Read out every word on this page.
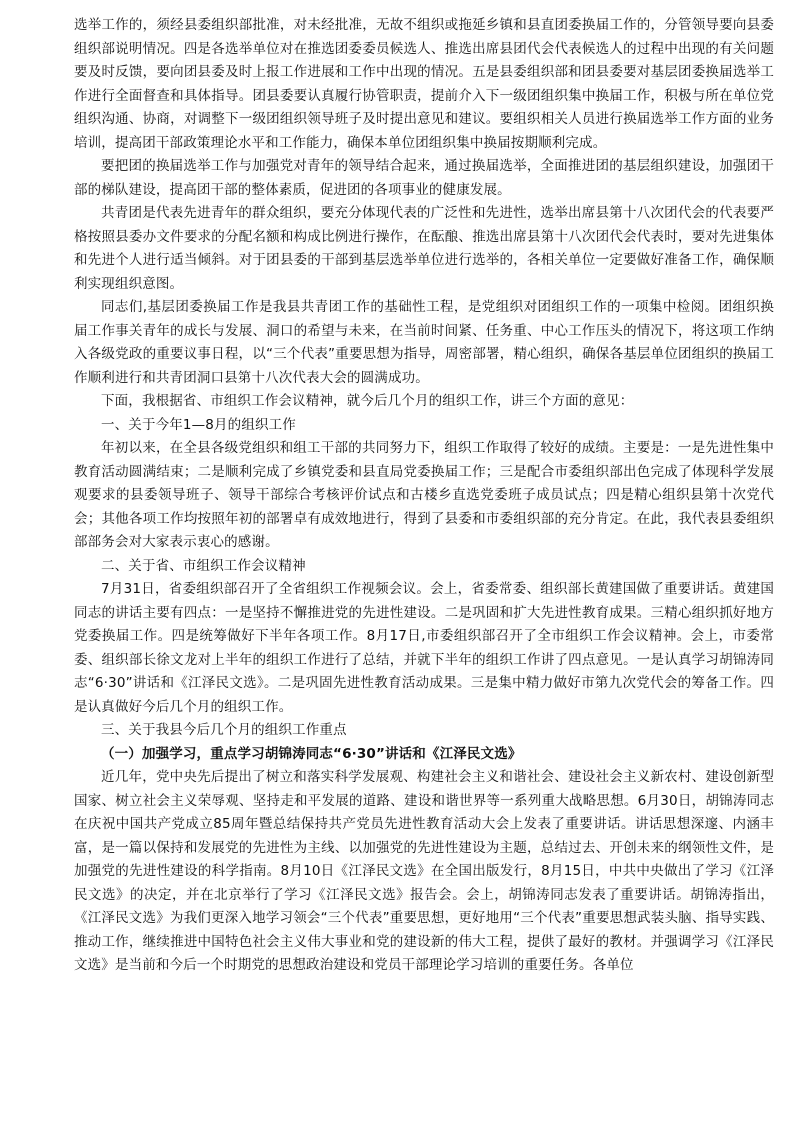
选举工作的，须经县委组织部批准，对未经批准，无故不组织或拖延乡镇和县直团委换届工作的，分管领导要向县委组织部说明情况。四是各选举单位对在推选团委委员候选人、推选出席县团代会代表候选人的过程中出现的有关问题要及时反馈，要向团县委及时上报工作进展和工作中出现的情况。五是县委组织部和团县委要对基层团委换届选举工作进行全面督查和具体指导。团县委要认真履行协管职责，提前介入下一级团组织集中换届工作，积极与所在单位党组织沟通、协商，对调整下一级团组织领导班子及时提出意见和建议。要组织相关人员进行换届选举工作方面的业务培训，提高团干部政策理论水平和工作能力，确保本单位团组织集中换届按期顺利完成。

要把团的换届选举工作与加强党对青年的领导结合起来，通过换届选举，全面推进团的基层组织建设，加强团干部的梯队建设，提高团干部的整体素质，促进团的各项事业的健康发展。

共青团是代表先进青年的群众组织，要充分体现代表的广泛性和先进性，选举出席县第十八次团代会的代表要严格按照县委办文件要求的分配名额和构成比例进行操作，在酝酿、推选出席县第十八次团代会代表时，要对先进集体和先进个人进行适当倾斜。对于团县委的干部到基层选举单位进行选举的，各相关单位一定要做好准备工作，确保顺利实现组织意图。

同志们,基层团委换届工作是我县共青团工作的基础性工程，是党组织对团组织工作的一项集中检阅。团组织换届工作事关青年的成长与发展、洞口的希望与未来，在当前时间紧、任务重、中心工作压头的情况下，将这项工作纳入各级党政的重要议事日程，以“三个代表”重要思想为指导，周密部署，精心组织，确保各基层单位团组织的换届工作顺利进行和共青团洞口县第十八次代表大会的圆满成功。

下面，我根据省、市组织工作会议精神，就今后几个月的组织工作，讲三个方面的意见：

一、关于今年1—8月的组织工作

年初以来，在全县各级党组织和组工干部的共同努力下，组织工作取得了较好的成绩。主要是：一是先进性集中教育活动圆满结束；二是顺利完成了乡镇党委和县直局党委换届工作；三是配合市委组织部出色完成了体现科学发展观要求的县委领导班子、领导干部综合考核评价试点和古楼乡直选党委班子成员试点；四是精心组织县第十次党代会；其他各项工作均按照年初的部署卓有成效地进行，得到了县委和市委组织部的充分肯定。在此，我代表县委组织部部务会对大家表示衷心的感谢。

二、关于省、市组织工作会议精神

7月31日，省委组织部召开了全省组织工作视频会议。会上，省委常委、组织部长黄建国做了重要讲话。黄建国同志的讲话主要有四点：一是坚持不懈推进党的先进性建设。二是巩固和扩大先进性教育成果。三精心组织抓好地方党委换届工作。四是统筹做好下半年各项工作。8月17日,市委组织部召开了全市组织工作会议精神。会上，市委常委、组织部长徐文龙对上半年的组织工作进行了总结，并就下半年的组织工作讲了四点意见。一是认真学习胡锦涛同志“6·30”讲话和《江泽民文选》。二是巩固先进性教育活动成果。三是集中精力做好市第九次党代会的筹备工作。四是认真做好今后几个月的组织工作。

三、关于我县今后几个月的组织工作重点

（一）加强学习，重点学习胡锦涛同志“6·30”讲话和《江泽民文选》

近几年，党中央先后提出了树立和落实科学发展观、构建社会主义和谐社会、建设社会主义新农村、建设创新型国家、树立社会主义荣辱观、坚持走和平发展的道路、建设和谐世界等一系列重大战略思想。6月30日，胡锦涛同志在庆祝中国共产党成立85周年暨总结保持共产党员先进性教育活动大会上发表了重要讲话。讲话思想深邃、内涵丰富，是一篇以保持和发展党的先进性为主线、以加强党的先进性建设为主题，总结过去、开创未来的纲领性文件，是加强党的先进性建设的科学指南。8月10日《江泽民文选》在全国出版发行，8月15日，中共中央做出了学习《江泽民文选》的决定，并在北京举行了学习《江泽民文选》报告会。会上，胡锦涛同志发表了重要讲话。胡锦涛指出，《江泽民文选》为我们更深入地学习领会“三个代表”重要思想，更好地用“三个代表”重要思想武装头脑、指导实践、推动工作，继续推进中国特色社会主义伟大事业和党的建设新的伟大工程，提供了最好的教材。并强调学习《江泽民文选》是当前和今后一个时期党的思想政治建设和党员干部理论学习培训的重要任务。各单位
